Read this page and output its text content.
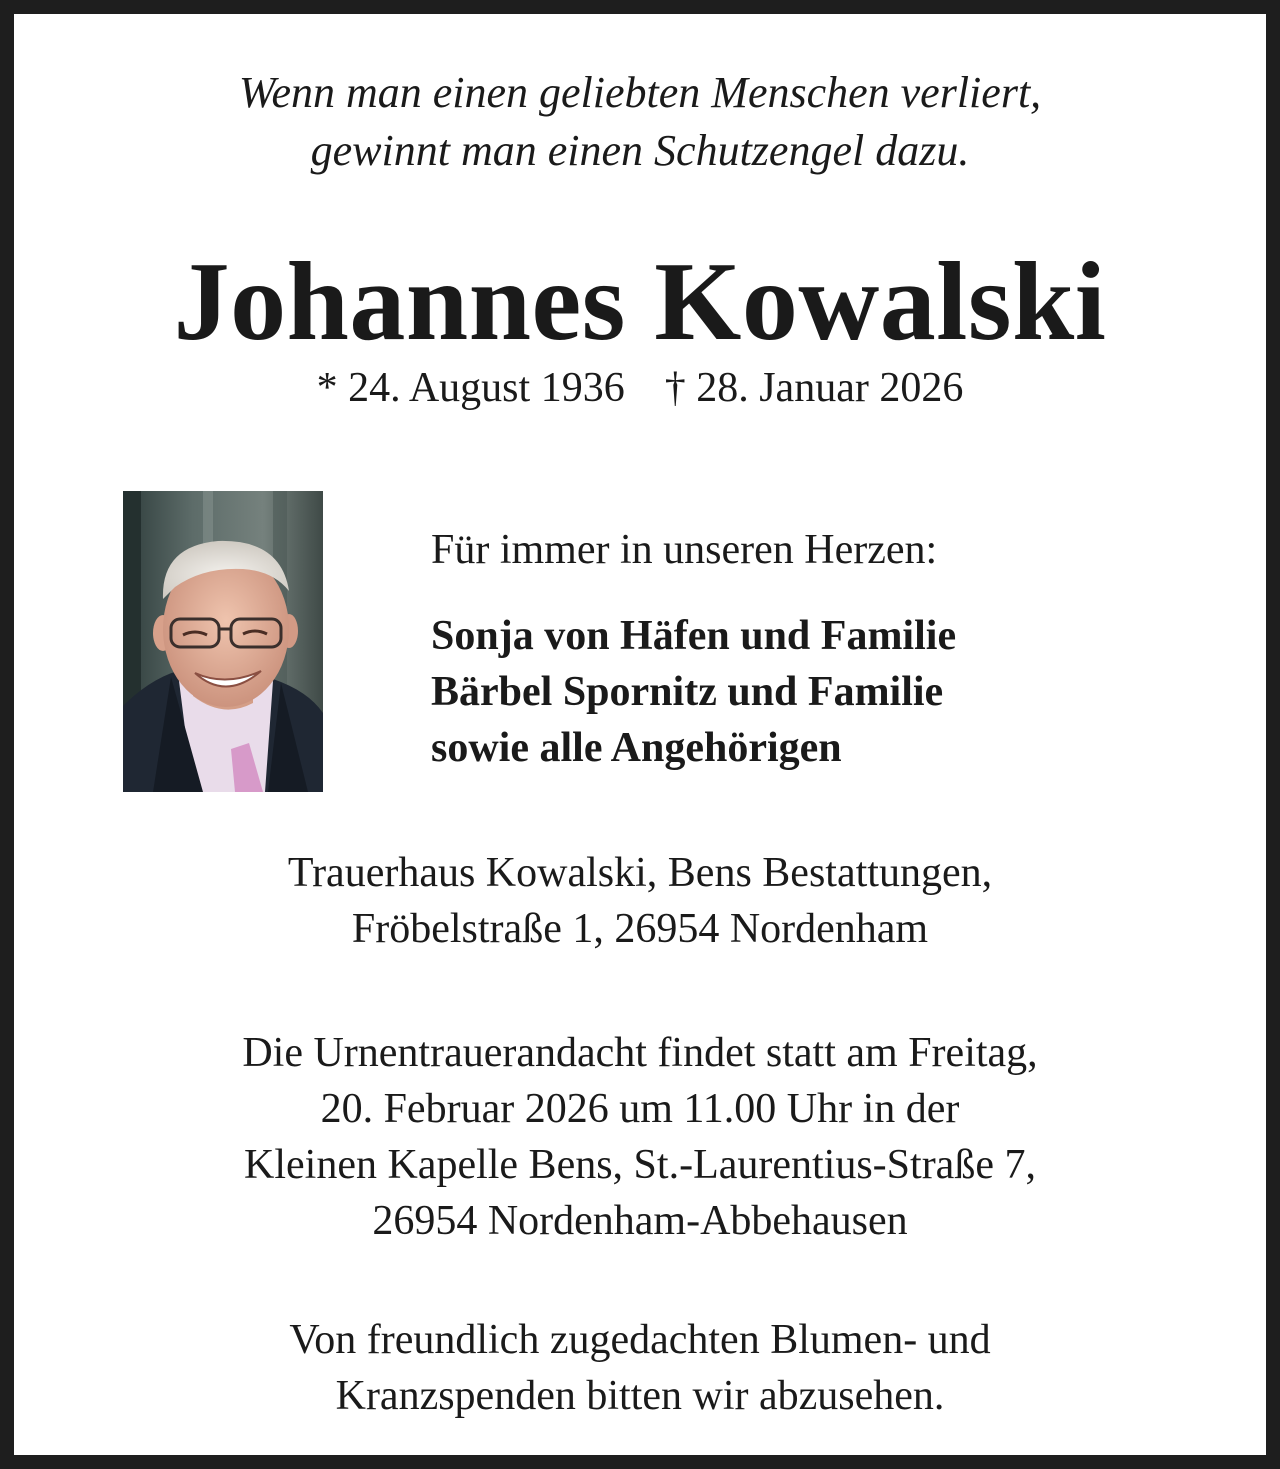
Wenn man einen geliebten Menschen verliert,
gewinnt man einen Schutzengel dazu.
Johannes Kowalski
* 24. August 1936 † 28. Januar 2026
Für immer in unseren Herzen:
Sonja von Häfen und Familie
Bärbel Spornitz und Familie
sowie alle Angehörigen
Trauerhaus Kowalski, Bens Bestattungen,
Fröbelstraße 1, 26954 Nordenham
Die Urnentrauerandacht findet statt am Freitag,
20. Februar 2026 um 11.00 Uhr in der
Kleinen Kapelle Bens, St.-Laurentius-Straße 7,
26954 Nordenham-Abbehausen
Von freundlich zugedachten Blumen- und
Kranzspenden bitten wir abzusehen.
